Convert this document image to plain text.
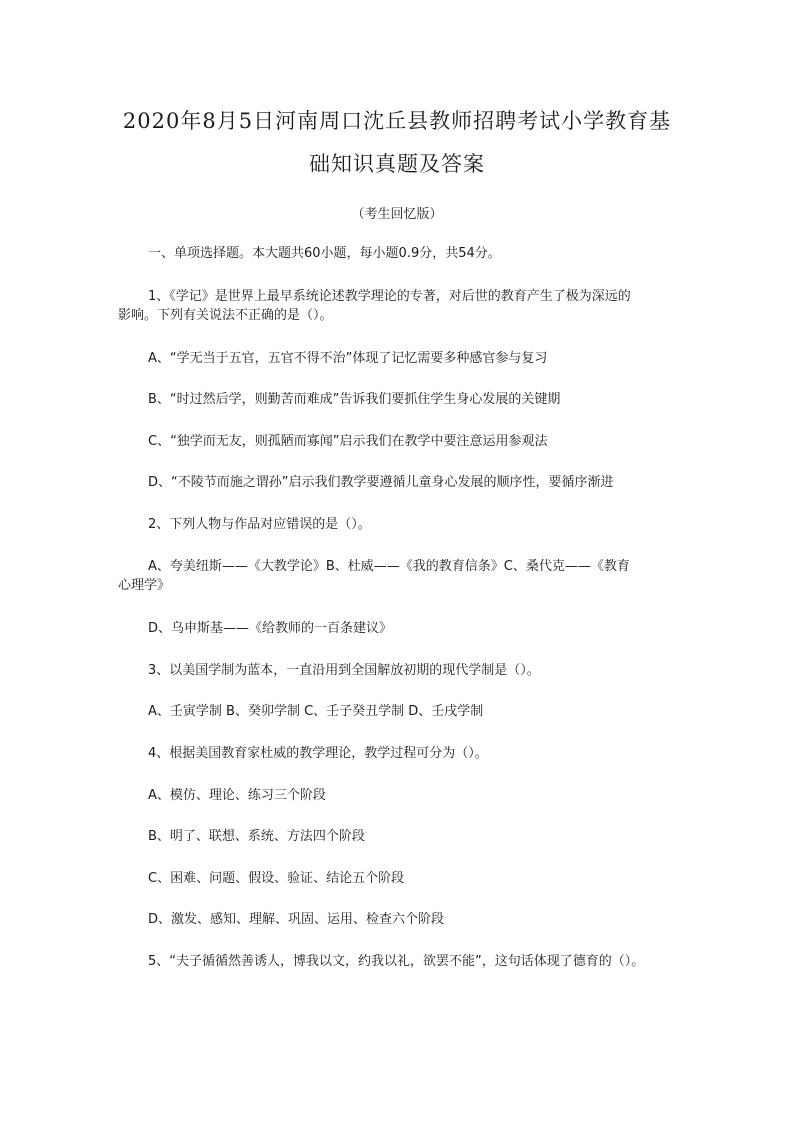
2020年8月5日河南周口沈丘县教师招聘考试小学教育基
础知识真题及答案
（考生回忆版）
一、单项选择题。本大题共60小题，每小题0.9分，共54分。
1、《学记》是世界上最早系统论述教学理论的专著，对后世的教育产生了极为深远的
影响。下列有关说法不正确的是（）。
A、“学无当于五官，五官不得不治”体现了记忆需要多种感官参与复习
B、“时过然后学，则勤苦而难成”告诉我们要抓住学生身心发展的关键期
C、“独学而无友，则孤陋而寡闻”启示我们在教学中要注意运用参观法
D、“不陵节而施之谓孙”启示我们教学要遵循儿童身心发展的顺序性，要循序渐进
2、下列人物与作品对应错误的是（）。
A、夸美纽斯——《大教学论》B、杜威——《我的教育信条》C、桑代克——《教育
心理学》
D、乌申斯基——《给教师的一百条建议》
3、以美国学制为蓝本，一直沿用到全国解放初期的现代学制是（）。
A、壬寅学制 B、癸卯学制 C、壬子癸丑学制 D、壬戌学制
4、根据美国教育家杜威的教学理论，教学过程可分为（）。
A、模仿、理论、练习三个阶段
B、明了、联想、系统、方法四个阶段
C、困难、问题、假设、验证、结论五个阶段
D、激发、感知、理解、巩固、运用、检查六个阶段
5、“夫子循循然善诱人，博我以文，约我以礼，欲罢不能”，这句话体现了德育的（）。
